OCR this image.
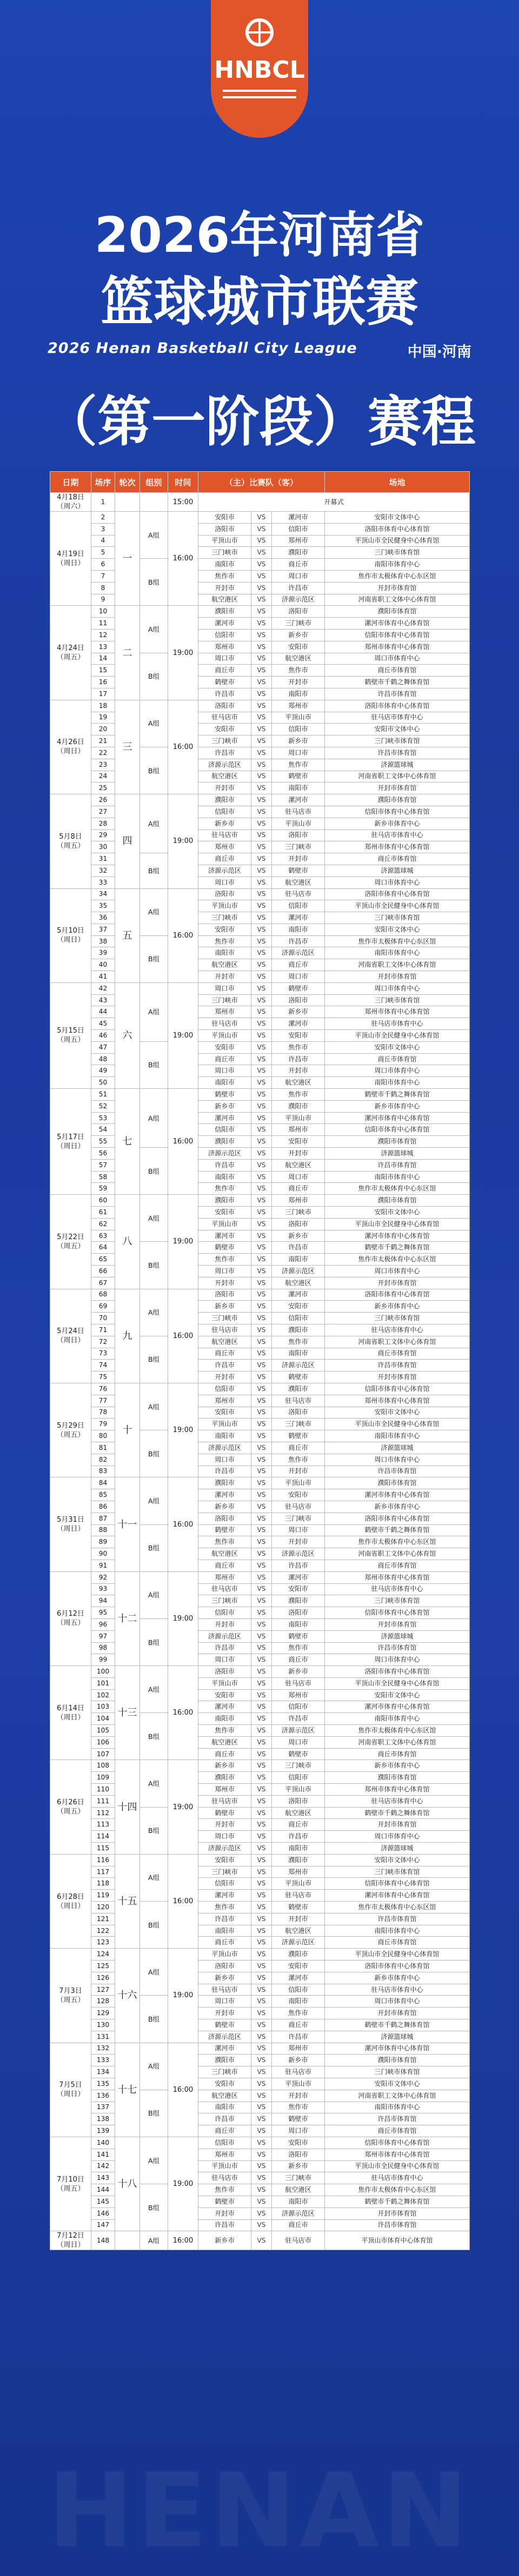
HENAN
HNBCL
2026年河南省
篮球城市联赛
2026 Henan Basketball City League	中国·河南
（第一阶段）赛程
日期	场序	轮次	组别	时间	（主）比赛队（客）			场地
4月18日
（周六）	1			15:00	开幕式			
4月19日
（周日）	2	一	A组	16:00	安阳市	VS	漯河市	安阳市文体中心
	3				洛阳市	VS	信阳市	洛阳市体育中心体育馆
	4				平顶山市	VS	郑州市	平顶山市全民健身中心体育馆
	5				三门峡市	VS	濮阳市	三门峡市体育馆
	6		B组		南阳市	VS	商丘市	南阳市体育中心
	7				焦作市	VS	周口市	焦作市太极体育中心东区馆
	8				开封市	VS	许昌市	开封市体育馆
	9				航空港区	VS	济源示范区	河南省职工文体中心体育馆
4月24日
（周五）	10	二	A组	19:00	濮阳市	VS	洛阳市	濮阳市体育馆
	11				漯河市	VS	三门峡市	漯河市体育中心体育馆
	12				信阳市	VS	新乡市	信阳市体育中心体育馆
	13				郑州市	VS	安阳市	郑州市体育中心体育馆
	14		B组		周口市	VS	航空港区	周口市体育中心
	15				商丘市	VS	焦作市	商丘市体育馆
	16				鹤壁市	VS	开封市	鹤壁市千鹤之舞体育馆
	17				许昌市	VS	南阳市	许昌市体育馆
4月26日
（周日）	18	三	A组	16:00	洛阳市	VS	郑州市	洛阳市体育中心体育馆
	19				驻马店市	VS	平顶山市	驻马店市体育中心
	20				安阳市	VS	信阳市	安阳市文体中心
	21				三门峡市	VS	新乡市	三门峡市体育馆
	22		B组		许昌市	VS	周口市	许昌市体育馆
	23				济源示范区	VS	焦作市	济源篮球城
	24				航空港区	VS	鹤壁市	河南省职工文体中心体育馆
	25				开封市	VS	南阳市	开封市体育馆
5月8日
（周五）	26	四	A组	19:00	濮阳市	VS	漯河市	濮阳市体育馆
	27				信阳市	VS	驻马店市	信阳市体育中心体育馆
	28				新乡市	VS	平顶山市	新乡市体育中心
	29				驻马店市	VS	洛阳市	驻马店市体育中心
	30				郑州市	VS	三门峡市	郑州市体育中心体育馆
	31		B组		商丘市	VS	开封市	商丘市体育馆
	32				济源示范区	VS	鹤壁市	济源篮球城
	33				周口市	VS	航空港区	周口市体育中心
5月10日
（周日）	34	五	A组	16:00	洛阳市	VS	驻马店市	洛阳市体育中心体育馆
	35				平顶山市	VS	信阳市	平顶山市全民健身中心体育馆
	36				三门峡市	VS	漯河市	三门峡市体育馆
	37				安阳市	VS	南阳市	安阳市文体中心
	38		B组		焦作市	VS	许昌市	焦作市太极体育中心东区馆
	39				南阳市	VS	济源示范区	南阳市体育中心
	40				航空港区	VS	商丘市	河南省职工文体中心体育馆
	41				开封市	VS	周口市	开封市体育馆
5月15日
（周五）	42	六	A组	19:00	周口市	VS	鹤壁市	周口市体育中心
	43				三门峡市	VS	洛阳市	三门峡市体育馆
	44				郑州市	VS	新乡市	郑州市体育中心体育馆
	45				驻马店市	VS	漯河市	驻马店市体育中心
	46				平顶山市	VS	安阳市	平顶山市全民健身中心体育馆
	47		B组		安阳市	VS	焦作市	安阳市文体中心
	48				商丘市	VS	许昌市	商丘市体育馆
	49				周口市	VS	开封市	周口市体育中心
	50				南阳市	VS	航空港区	南阳市体育中心
5月17日
（周日）	51	七	A组	16:00	鹤壁市	VS	焦作市	鹤壁市千鹤之舞体育馆
	52				新乡市	VS	濮阳市	新乡市体育中心
	53				漯河市	VS	平顶山市	漯河市体育中心体育馆
	54				信阳市	VS	郑州市	信阳市体育中心体育馆
	55				濮阳市	VS	安阳市	濮阳市体育馆
	56		B组		济源示范区	VS	开封市	济源篮球城
	57				许昌市	VS	航空港区	许昌市体育馆
	58				南阳市	VS	周口市	南阳市体育中心
	59				焦作市	VS	商丘市	焦作市太极体育中心东区馆
5月22日
（周五）	60	八	A组	19:00	濮阳市	VS	郑州市	濮阳市体育馆
	61				安阳市	VS	三门峡市	安阳市文体中心
	62				平顶山市	VS	洛阳市	平顶山市全民健身中心体育馆
	63				漯河市	VS	新乡市	漯河市体育中心体育馆
	64		B组		鹤壁市	VS	许昌市	鹤壁市千鹤之舞体育馆
	65				焦作市	VS	南阳市	焦作市太极体育中心东区馆
	66				周口市	VS	济源示范区	周口市体育中心
	67				开封市	VS	航空港区	开封市体育馆
5月24日
（周日）	68	九	A组	16:00	洛阳市	VS	漯河市	洛阳市体育中心体育馆
	69				新乡市	VS	安阳市	新乡市体育中心
	70				三门峡市	VS	信阳市	三门峡市体育馆
	71				驻马店市	VS	濮阳市	驻马店市体育中心
	72		B组		航空港区	VS	焦作市	河南省职工文体中心体育馆
	73				商丘市	VS	南阳市	商丘市体育馆
	74				许昌市	VS	济源示范区	许昌市体育馆
	75				开封市	VS	鹤壁市	开封市体育馆
5月29日
（周五）	76	十	A组	19:00	信阳市	VS	濮阳市	信阳市体育中心体育馆
	77				郑州市	VS	驻马店市	郑州市体育中心体育馆
	78				安阳市	VS	洛阳市	安阳市文体中心
	79				平顶山市	VS	三门峡市	平顶山市全民健身中心体育馆
	80		B组		南阳市	VS	鹤壁市	南阳市体育中心
	81				济源示范区	VS	商丘市	济源篮球城
	82				周口市	VS	焦作市	周口市体育中心
	83				许昌市	VS	开封市	许昌市体育馆
5月31日
（周日）	84	十一	A组	16:00	濮阳市	VS	平顶山市	濮阳市体育馆
	85				漯河市	VS	安阳市	漯河市体育中心体育馆
	86				新乡市	VS	驻马店市	新乡市体育中心
	87				洛阳市	VS	三门峡市	洛阳市体育中心体育馆
	88		B组		鹤壁市	VS	周口市	鹤壁市千鹤之舞体育馆
	89				焦作市	VS	开封市	焦作市太极体育中心东区馆
	90				航空港区	VS	济源示范区	河南省职工文体中心体育馆
	91				商丘市	VS	许昌市	商丘市体育馆
6月12日
（周五）	92	十二	A组	19:00	郑州市	VS	漯河市	郑州市体育中心体育馆
	93				驻马店市	VS	安阳市	驻马店市体育中心
	94				三门峡市	VS	濮阳市	三门峡市体育馆
	95				信阳市	VS	洛阳市	信阳市体育中心体育馆
	96		B组		开封市	VS	南阳市	开封市体育馆
	97				济源示范区	VS	鹤壁市	济源篮球城
	98				许昌市	VS	焦作市	许昌市体育馆
	99				周口市	VS	商丘市	周口市体育中心
6月14日
（周日）	100	十三	A组	16:00	洛阳市	VS	新乡市	洛阳市体育中心体育馆
	101				平顶山市	VS	驻马店市	平顶山市全民健身中心体育馆
	102				安阳市	VS	郑州市	安阳市文体中心
	103				漯河市	VS	信阳市	漯河市体育中心体育馆
	104		B组		南阳市	VS	许昌市	南阳市体育中心
	105				焦作市	VS	济源示范区	焦作市太极体育中心东区馆
	106				航空港区	VS	周口市	河南省职工文体中心体育馆
	107				商丘市	VS	鹤壁市	商丘市体育馆
6月26日
（周五）	108	十四	A组	19:00	新乡市	VS	三门峡市	新乡市体育中心
	109				濮阳市	VS	信阳市	濮阳市体育馆
	110				郑州市	VS	平顶山市	郑州市体育中心体育馆
	111				驻马店市	VS	洛阳市	驻马店市体育中心
	112		B组		鹤壁市	VS	航空港区	鹤壁市千鹤之舞体育馆
	113				开封市	VS	商丘市	开封市体育馆
	114				周口市	VS	许昌市	周口市体育中心
	115				济源示范区	VS	南阳市	济源篮球城
6月28日
（周日）	116	十五	A组	16:00	安阳市	VS	濮阳市	安阳市文体中心
	117				三门峡市	VS	郑州市	三门峡市体育馆
	118				信阳市	VS	平顶山市	信阳市体育中心体育馆
	119				漯河市	VS	驻马店市	漯河市体育中心体育馆
	120		B组		焦作市	VS	鹤壁市	焦作市太极体育中心东区馆
	121				许昌市	VS	开封市	许昌市体育馆
	122				南阳市	VS	航空港区	南阳市体育中心
	123				商丘市	VS	济源示范区	商丘市体育馆
7月3日
（周五）	124	十六	A组	19:00	平顶山市	VS	濮阳市	平顶山市全民健身中心体育馆
	125				洛阳市	VS	安阳市	洛阳市体育中心体育馆
	126				新乡市	VS	漯河市	新乡市体育中心
	127				驻马店市	VS	信阳市	驻马店市体育中心
	128		B组		周口市	VS	南阳市	周口市体育中心
	129				开封市	VS	焦作市	开封市体育馆
	130				鹤壁市	VS	商丘市	鹤壁市千鹤之舞体育馆
	131				济源示范区	VS	许昌市	济源篮球城
7月5日
（周日）	132	十七	A组	16:00	漯河市	VS	郑州市	漯河市体育中心体育馆
	133				濮阳市	VS	新乡市	濮阳市体育馆
	134				三门峡市	VS	驻马店市	三门峡市体育馆
	135				安阳市	VS	平顶山市	安阳市文体中心
	136		B组		航空港区	VS	开封市	河南省职工文体中心体育馆
	137				南阳市	VS	焦作市	南阳市体育中心
	138				许昌市	VS	鹤壁市	许昌市体育馆
	139				商丘市	VS	周口市	商丘市体育馆
7月10日
（周五）	140	十八	A组	19:00	信阳市	VS	安阳市	信阳市体育中心体育馆
	141				郑州市	VS	洛阳市	郑州市体育中心体育馆
	142				平顶山市	VS	新乡市	平顶山市全民健身中心体育馆
	143				驻马店市	VS	三门峡市	驻马店市体育中心
	144		B组		焦作市	VS	航空港区	焦作市太极体育中心东区馆
	145				鹤壁市	VS	南阳市	鹤壁市千鹤之舞体育馆
	146				开封市	VS	济源示范区	开封市体育馆
	147				许昌市	VS	商丘市	许昌市体育馆
7月12日
（周日）	148		A组	16:00	新乡市	VS	驻马店市	平顶山市体育中心体育馆
